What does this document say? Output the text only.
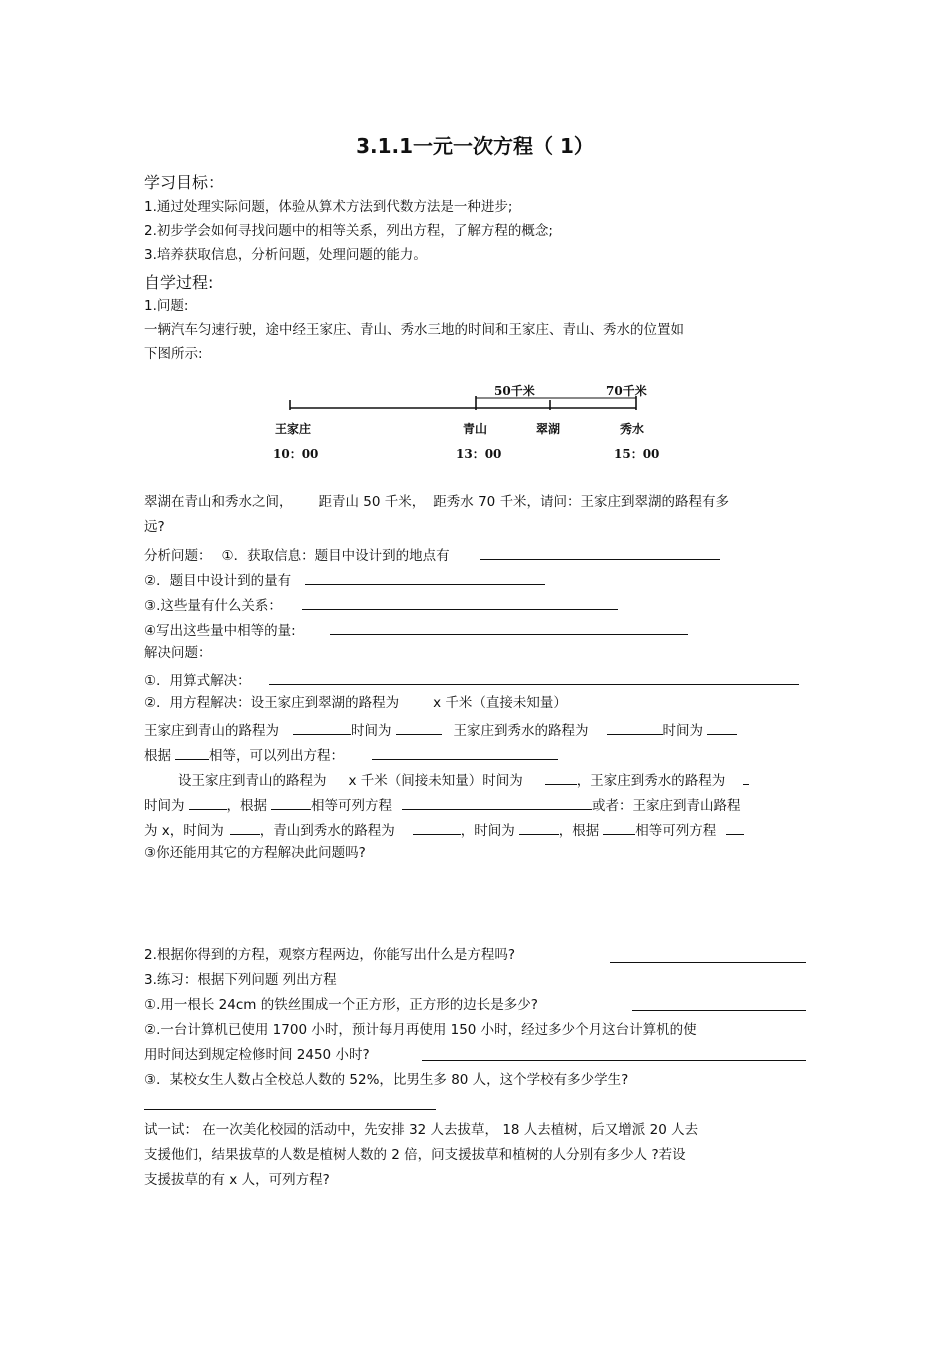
3.1.1一元一次方程（ 1）
学习目标：
1.通过处理实际问题，体验从算术方法到代数方法是一种进步;
2.初步学会如何寻找问题中的相等关系，列出方程，了解方程的概念;
3.培养获取信息，分析问题，处理问题的能力。
自学过程:
1.问题:
一辆汽车匀速行驶，途中经王家庄、青山、秀水三地的时间和王家庄、青山、秀水的位置如
下图所示:
50千米	70千米
王家庄	青山	翠湖	秀水
10：00	13：00	15：00
翠湖在青山和秀水之间， 距青山 50 千米， 距秀水 70 千米，请问：王家庄到翠湖的路程有多
远?
分析问题： ①．获取信息：题目中设计到的地点有
②．题目中设计到的量有
③.这些量有什么关系：
④写出这些量中相等的量:
解决问题：
①．用算式解决：
②．用方程解决：设王家庄到翠湖的路程为	x 千米（直接未知量）
王家庄到青山的路程为	时间为	王家庄到秀水的路程为	时间为
根据	相等，可以列出方程：
设王家庄到青山的路程为 x 千米（间接未知量）时间为	，王家庄到秀水的路程为
时间为	，根据	相等可列方程	或者：王家庄到青山路程
为 x，时间为	，青山到秀水的路程为	，时间为	，根据	相等可列方程
③你还能用其它的方程解决此问题吗?
2.根据你得到的方程，观察方程两边，你能写出什么是方程吗?
3.练习：根据下列问题 列出方程
①.用一根长 24cm 的铁丝围成一个正方形，正方形的边长是多少?
②.一台计算机已使用 1700 小时，预计每月再使用 150 小时，经过多少个月这台计算机的使
用时间达到规定检修时间 2450 小时?
③．某校女生人数占全校总人数的 52%，比男生多 80 人，这个学校有多少学生?
试一试： 在一次美化校园的活动中，先安排 32 人去拔草， 18 人去植树，后又增派 20 人去
支援他们，结果拔草的人数是植树人数的 2 倍，问支援拔草和植树的人分别有多少人 ?若设
支援拔草的有 x 人，可列方程?
